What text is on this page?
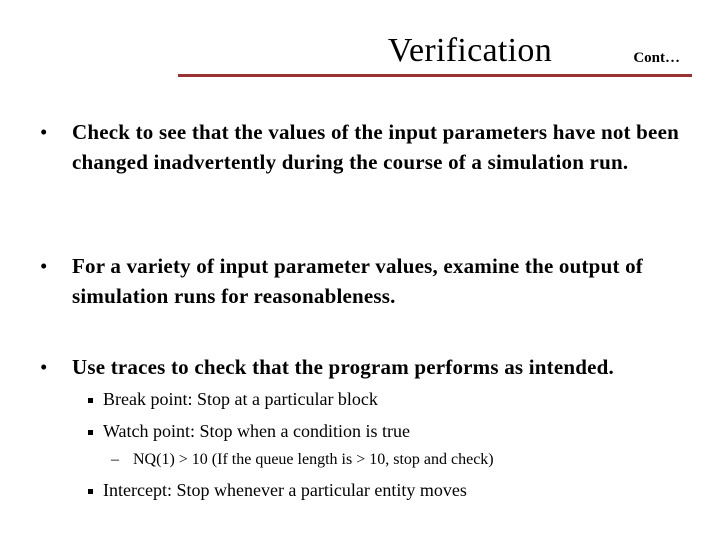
Verification	Cont…
• Check to see that the values of the input parameters have not been changed inadvertently during the course of a simulation run.
• For a variety of input parameter values, examine the output of simulation runs for reasonableness.
• Use traces to check that the program performs as intended.
Break point: Stop at a particular block
Watch point: Stop when a condition is true
– NQ(1) > 10 (If the queue length is > 10, stop and check)
Intercept: Stop whenever a particular entity moves
